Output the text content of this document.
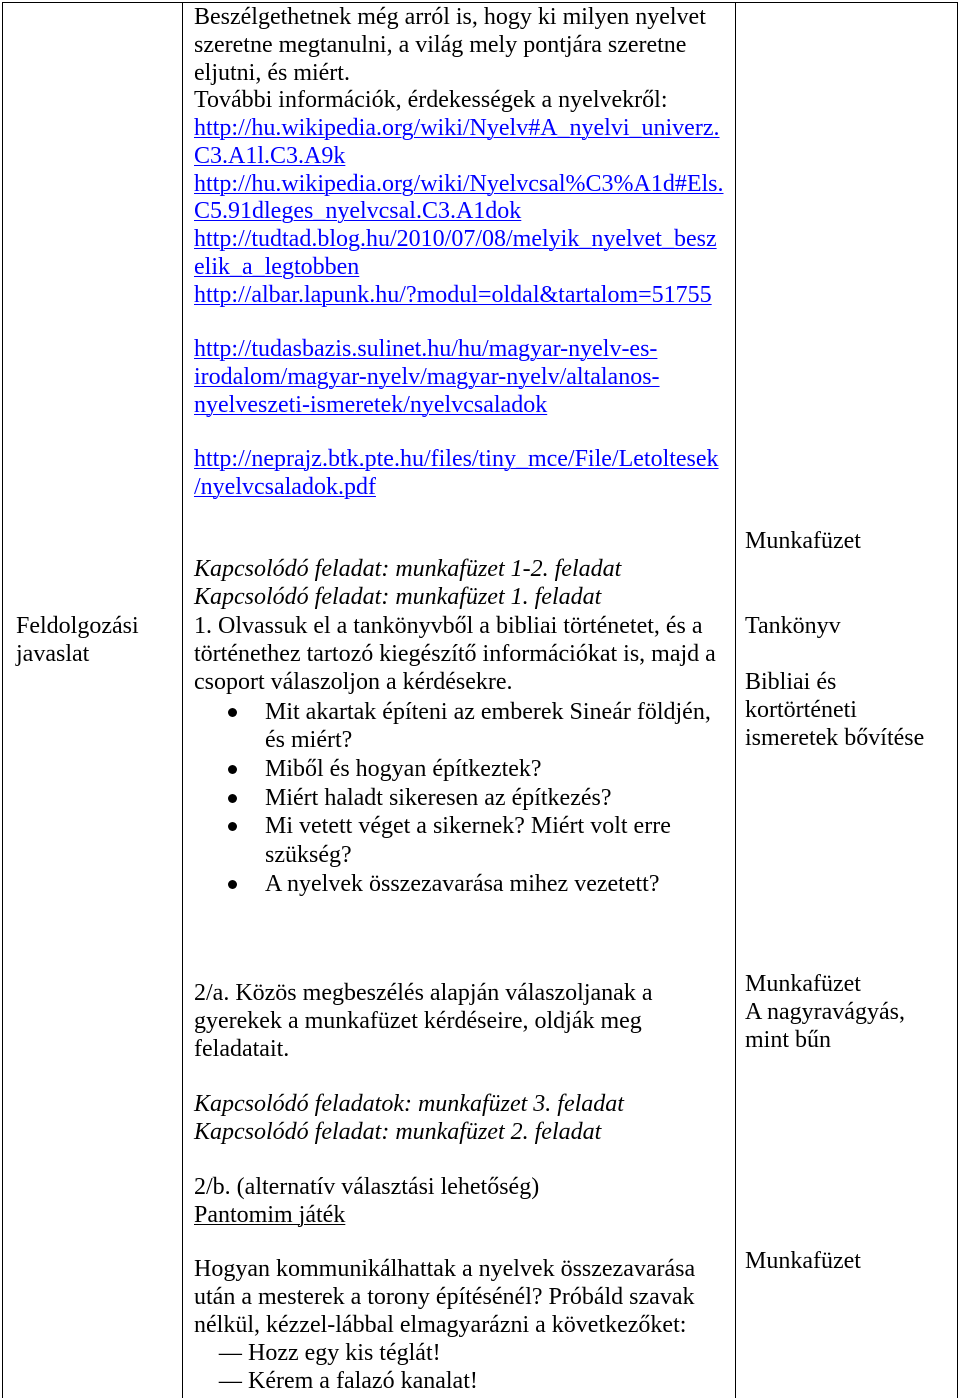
Feldolgozási
javaslat
Beszélgethetnek még arról is, hogy ki milyen nyelvet
szeretne megtanulni, a világ mely pontjára szeretne
eljutni, és miért.
További információk, érdekességek a nyelvekről:
http://hu.wikipedia.org/wiki/Nyelv#A_nyelvi_univerz.
C3.A1l.C3.A9k
http://hu.wikipedia.org/wiki/Nyelvcsal%C3%A1d#Els.
C5.91dleges_nyelvcsal.C3.A1dok
http://tudtad.blog.hu/2010/07/08/melyik_nyelvet_besz
elik_a_legtobben
http://albar.lapunk.hu/?modul=oldal&tartalom=51755
http://tudasbazis.sulinet.hu/hu/magyar-nyelv-es-
irodalom/magyar-nyelv/magyar-nyelv/altalanos-
nyelveszeti-ismeretek/nyelvcsaladok
http://neprajz.btk.pte.hu/files/tiny_mce/File/Letoltesek
/nyelvcsaladok.pdf
Kapcsolódó feladat: munkafüzet 1-2. feladat
Kapcsolódó feladat: munkafüzet 1. feladat
1. Olvassuk el a tankönyvből a bibliai történetet, és a
történethez tartozó kiegészítő információkat is, majd a
csoport válaszoljon a kérdésekre.
Mit akartak építeni az emberek Sineár földjén,
és miért?
Miből és hogyan építkeztek?
Miért haladt sikeresen az építkezés?
Mi vetett véget a sikernek? Miért volt erre
szükség?
A nyelvek összezavarása mihez vezetett?
2/a. Közös megbeszélés alapján válaszoljanak a
gyerekek a munkafüzet kérdéseire, oldják meg
feladatait.
Kapcsolódó feladatok: munkafüzet 3. feladat
Kapcsolódó feladat: munkafüzet 2. feladat
2/b. (alternatív választási lehetőség)
Pantomim játék
Hogyan kommunikálhattak a nyelvek összezavarása
után a mesterek a torony építésénél? Próbáld szavak
nélkül, kézzel-lábbal elmagyarázni a következőket:
– Hozz egy kis téglát!
– Kérem a falazó kanalat!
Munkafüzet
Tankönyv
Bibliai és
kortörténeti
ismeretek bővítése
Munkafüzet
A nagyravágyás,
mint bűn
Munkafüzet
